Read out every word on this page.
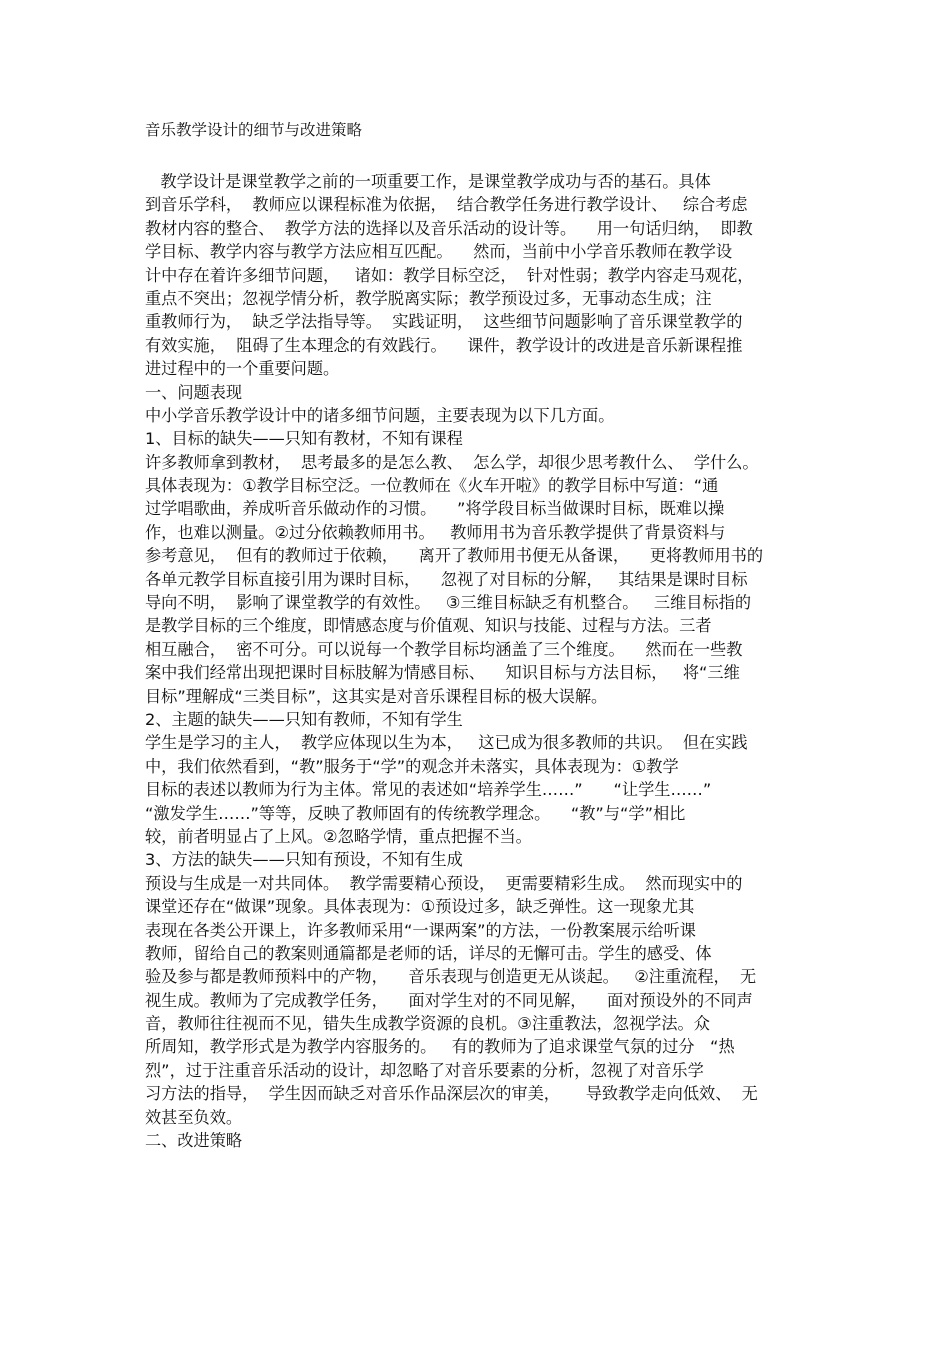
音乐教学设计的细节与改进策略
教学设计是课堂教学之前的一项重要工作，是课堂教学成功与否的基石。具体
到音乐学科，  教师应以课程标准为依据，  结合教学任务进行教学设计、   综合考虑
教材内容的整合、  教学方法的选择以及音乐活动的设计等。    用一句话归纳，  即教
学目标、教学内容与教学方法应相互匹配。    然而，当前中小学音乐教师在教学设
计中存在着许多细节问题，   诸如：教学目标空泛，  针对性弱；教学内容走马观花，
重点不突出；忽视学情分析，教学脱离实际；教学预设过多，无事动态生成；注
重教师行为，  缺乏学法指导等。  实践证明，  这些细节问题影响了音乐课堂教学的
有效实施，  阻碍了生本理念的有效践行。    课件，教学设计的改进是音乐新课程推
进过程中的一个重要问题。
一、问题表现
中小学音乐教学设计中的诸多细节问题，主要表现为以下几方面。
1、目标的缺失——只知有教材，不知有课程
许多教师拿到教材，  思考最多的是怎么教、  怎么学，却很少思考教什么、  学什么。
具体表现为：①教学目标空泛。一位教师在《火车开啦》的教学目标中写道：“通
过学唱歌曲，养成听音乐做动作的习惯。    ”将学段目标当做课时目标，既难以操
作，也难以测量。②过分依赖教师用书。   教师用书为音乐教学提供了背景资料与
参考意见，  但有的教师过于依赖，    离开了教师用书便无从备课，    更将教师用书的
各单元教学目标直接引用为课时目标，    忽视了对目标的分解，   其结果是课时目标
导向不明，  影响了课堂教学的有效性。   ③三维目标缺乏有机整合。   三维目标指的
是教学目标的三个维度，即情感态度与价值观、知识与技能、过程与方法。三者
相互融合，  密不可分。可以说每一个教学目标均涵盖了三个维度。    然而在一些教
案中我们经常出现把课时目标肢解为情感目标、    知识目标与方法目标，   将“三维
目标”理解成“三类目标”，这其实是对音乐课程目标的极大误解。
2、主题的缺失——只知有教师，不知有学生
学生是学习的主人，  教学应体现以生为本，   这已成为很多教师的共识。  但在实践
中，我们依然看到，“教”服务于“学”的观念并未落实，具体表现为：①教学
目标的表述以教师为行为主体。常见的表述如“培养学生……”      “让学生……”
“激发学生……”等等，反映了教师固有的传统教学理念。    “教”与“学”相比
较，前者明显占了上风。②忽略学情，重点把握不当。
3、方法的缺失——只知有预设，不知有生成
预设与生成是一对共同体。  教学需要精心预设，  更需要精彩生成。  然而现实中的
课堂还存在“做课”现象。具体表现为：①预设过多，缺乏弹性。这一现象尤其
表现在各类公开课上，许多教师采用“一课两案”的方法，一份教案展示给听课
教师，留给自己的教案则通篇都是老师的话，详尽的无懈可击。学生的感受、体
验及参与都是教师预料中的产物，    音乐表现与创造更无从谈起。   ②注重流程，  无
视生成。教师为了完成教学任务，    面对学生对的不同见解，    面对预设外的不同声
音，教师往往视而不见，错失生成教学资源的良机。③注重教法，忽视学法。众
所周知，教学形式是为教学内容服务的。   有的教师为了追求课堂气氛的过分   “热
烈”，过于注重音乐活动的设计，却忽略了对音乐要素的分析，忽视了对音乐学
习方法的指导，  学生因而缺乏对音乐作品深层次的审美，     导致教学走向低效、  无
效甚至负效。
二、改进策略
